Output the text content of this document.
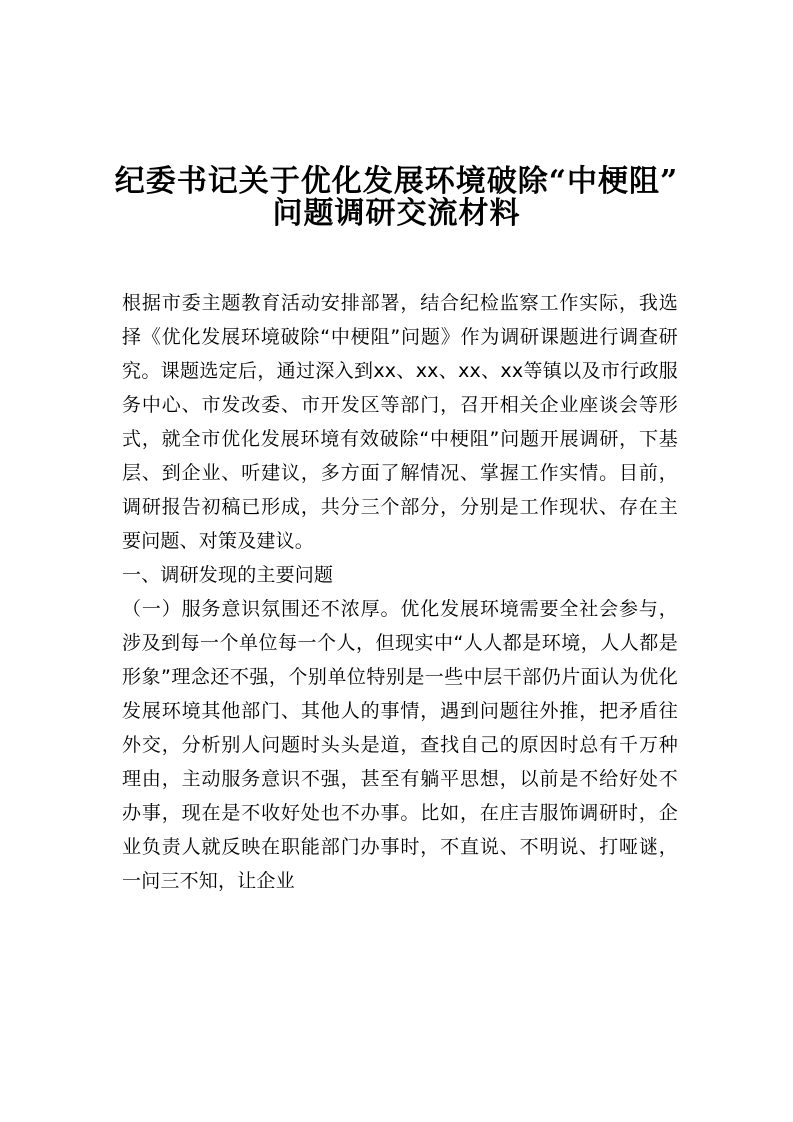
纪委书记关于优化发展环境破除“中梗阻”
问题调研交流材料

根据市委主题教育活动安排部署，结合纪检监察工作实际，我选择《优化发展环境破除“中梗阻”问题》作为调研课题进行调查研究。课题选定后，通过深入到xx、xx、xx、xx等镇以及市行政服务中心、市发改委、市开发区等部门，召开相关企业座谈会等形式，就全市优化发展环境有效破除“中梗阻”问题开展调研，下基层、到企业、听建议，多方面了解情况、掌握工作实情。目前，调研报告初稿已形成，共分三个部分，分别是工作现状、存在主要问题、对策及建议。

一、调研发现的主要问题

（一）服务意识氛围还不浓厚。优化发展环境需要全社会参与，涉及到每一个单位每一个人，但现实中“人人都是环境，人人都是形象”理念还不强，个别单位特别是一些中层干部仍片面认为优化发展环境其他部门、其他人的事情，遇到问题往外推，把矛盾往外交，分析别人问题时头头是道，查找自己的原因时总有千万种理由，主动服务意识不强，甚至有躺平思想，以前是不给好处不办事，现在是不收好处也不办事。比如，在庄吉服饰调研时，企业负责人就反映在职能部门办事时，不直说、不明说、打哑谜，一问三不知，让企业
